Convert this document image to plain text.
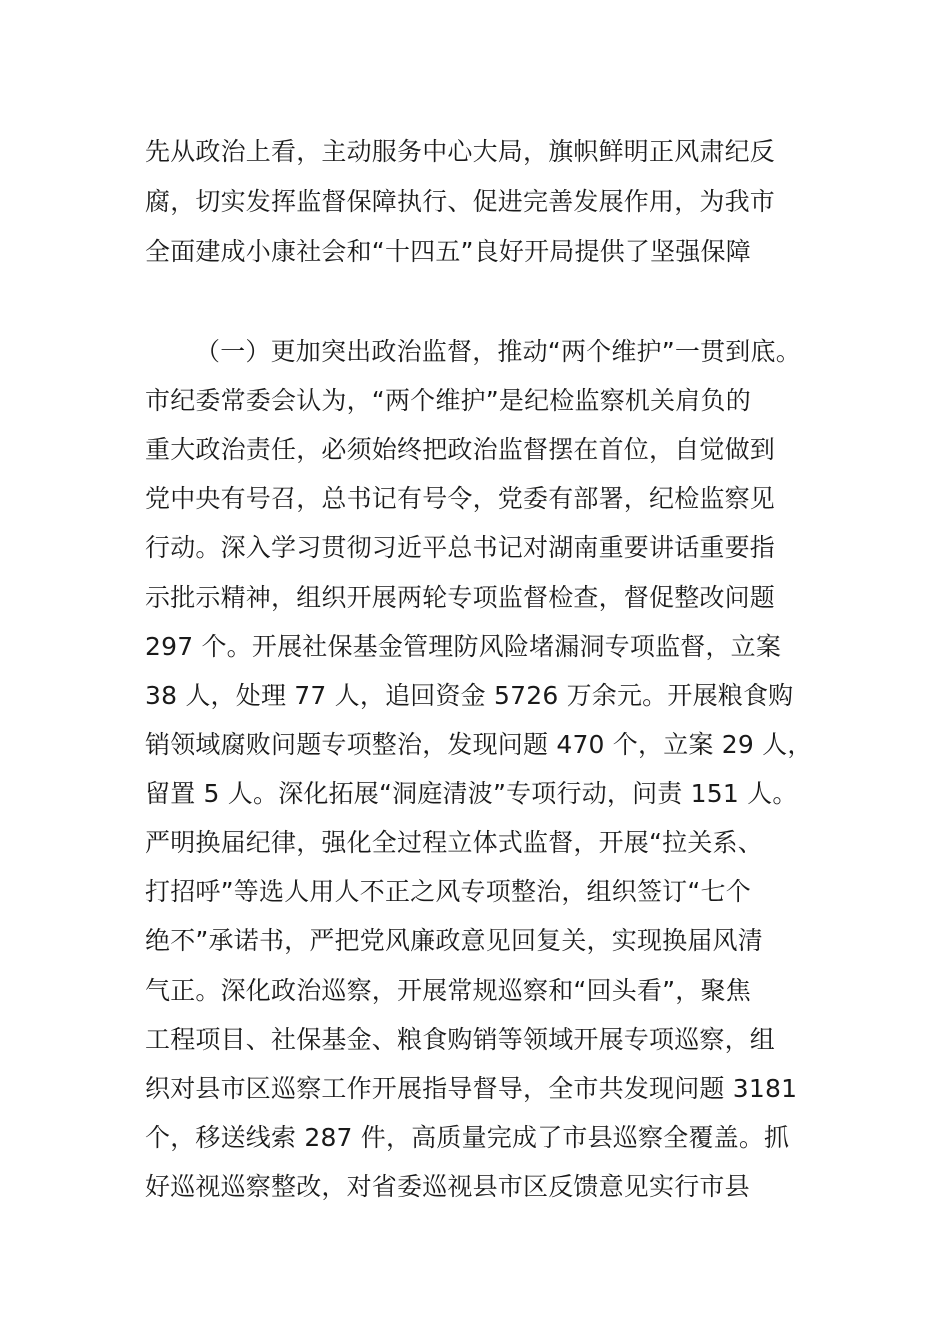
先从政治上看，主动服务中心大局，旗帜鲜明正风肃纪反
腐，切实发挥监督保障执行、促进完善发展作用，为我市
全面建成小康社会和“十四五”良好开局提供了坚强保障
（一）更加突出政治监督，推动“两个维护”一贯到底。
市纪委常委会认为，“两个维护”是纪检监察机关肩负的
重大政治责任，必须始终把政治监督摆在首位，自觉做到
党中央有号召，总书记有号令，党委有部署，纪检监察见
行动。深入学习贯彻习近平总书记对湖南重要讲话重要指
示批示精神，组织开展两轮专项监督检查，督促整改问题
297 个。开展社保基金管理防风险堵漏洞专项监督，立案
38 人，处理 77 人，追回资金 5726 万余元。开展粮食购
销领域腐败问题专项整治，发现问题 470 个，立案 29 人，
留置 5 人。深化拓展“洞庭清波”专项行动，问责 151 人。
严明换届纪律，强化全过程立体式监督，开展“拉关系、
打招呼”等选人用人不正之风专项整治，组织签订“七个
绝不”承诺书，严把党风廉政意见回复关，实现换届风清
气正。深化政治巡察，开展常规巡察和“回头看”，聚焦
工程项目、社保基金、粮食购销等领域开展专项巡察，组
织对县市区巡察工作开展指导督导，全市共发现问题 3181
个，移送线索 287 件，高质量完成了市县巡察全覆盖。抓
好巡视巡察整改，对省委巡视县市区反馈意见实行市县
